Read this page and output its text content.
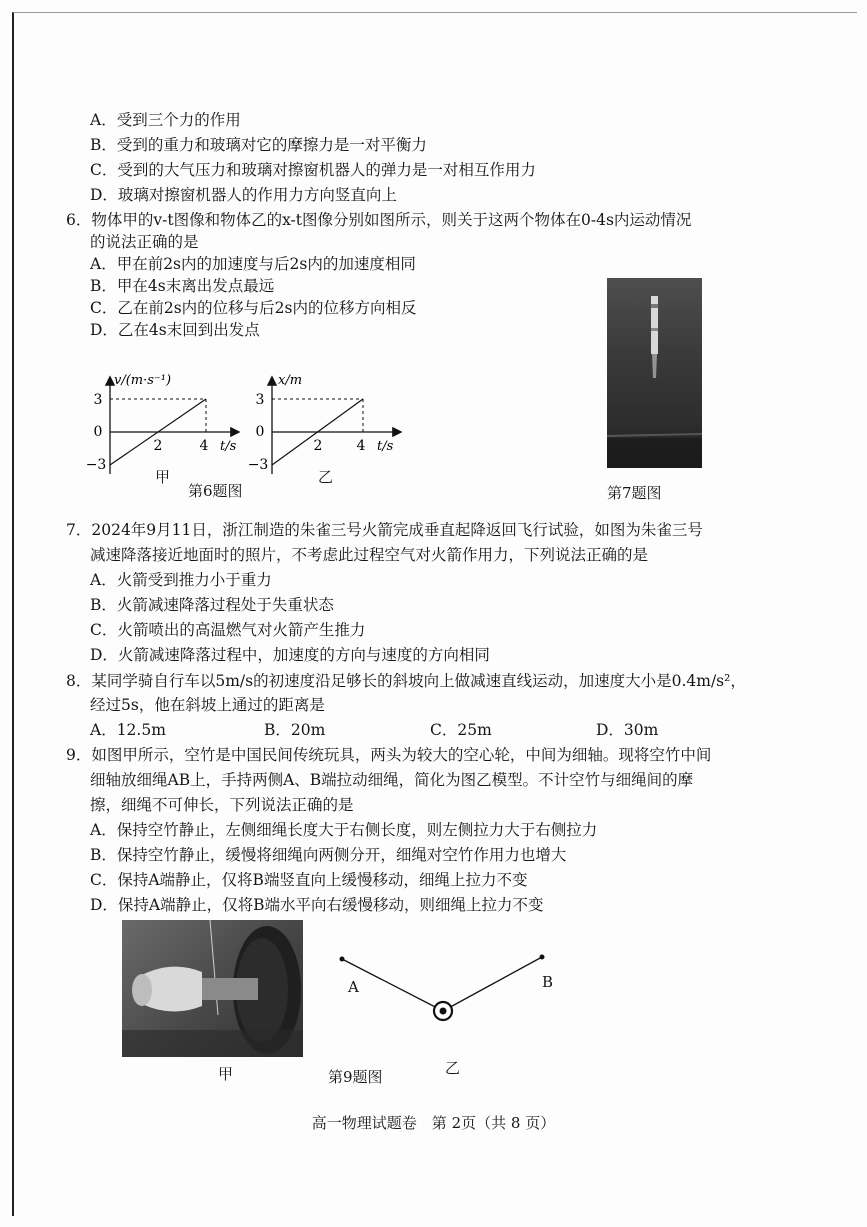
A．受到三个力的作用
B．受到的重力和玻璃对它的摩擦力是一对平衡力
C．受到的大气压力和玻璃对擦窗机器人的弹力是一对相互作用力
D．玻璃对擦窗机器人的作用力方向竖直向上
6．物体甲的v-t图像和物体乙的x-t图像分别如图所示，则关于这两个物体在0-4s内运动情况
的说法正确的是
A．甲在前2s内的加速度与后2s内的加速度相同
B．甲在4s末离出发点最远
C．乙在前2s内的位移与后2s内的位移方向相反
D．乙在4s末回到出发点
v/(m·s⁻¹)
3
0
−3
2	4 t/s
甲
x/m
3
0
−3
2 4 t/s
乙
第6题图	第7题图
7．2024年9月11日，浙江制造的朱雀三号火箭完成垂直起降返回飞行试验，如图为朱雀三号
减速降落接近地面时的照片，不考虑此过程空气对火箭作用力，下列说法正确的是
A．火箭受到推力小于重力
B．火箭减速降落过程处于失重状态
C．火箭喷出的高温燃气对火箭产生推力
D．火箭减速降落过程中，加速度的方向与速度的方向相同
8．某同学骑自行车以5m/s的初速度沿足够长的斜坡向上做减速直线运动，加速度大小是0.4m/s²，
经过5s，他在斜坡上通过的距离是
A．12.5m	B．20m	C．25m	D．30m
9．如图甲所示，空竹是中国民间传统玩具，两头为较大的空心轮，中间为细轴。现将空竹中间
细轴放细绳AB上，手持两侧A、B端拉动细绳，简化为图乙模型。不计空竹与细绳间的摩
擦，细绳不可伸长，下列说法正确的是
A．保持空竹静止，左侧细绳长度大于右侧长度，则左侧拉力大于右侧拉力
B．保持空竹静止，缓慢将细绳向两侧分开，细绳对空竹作用力也增大
C．保持A端静止，仅将B端竖直向上缓慢移动，细绳上拉力不变
D．保持A端静止，仅将B端水平向右缓慢移动，则细绳上拉力不变
甲
A	B
乙
第9题图
高一物理试题卷　第 2页（共 8 页）
